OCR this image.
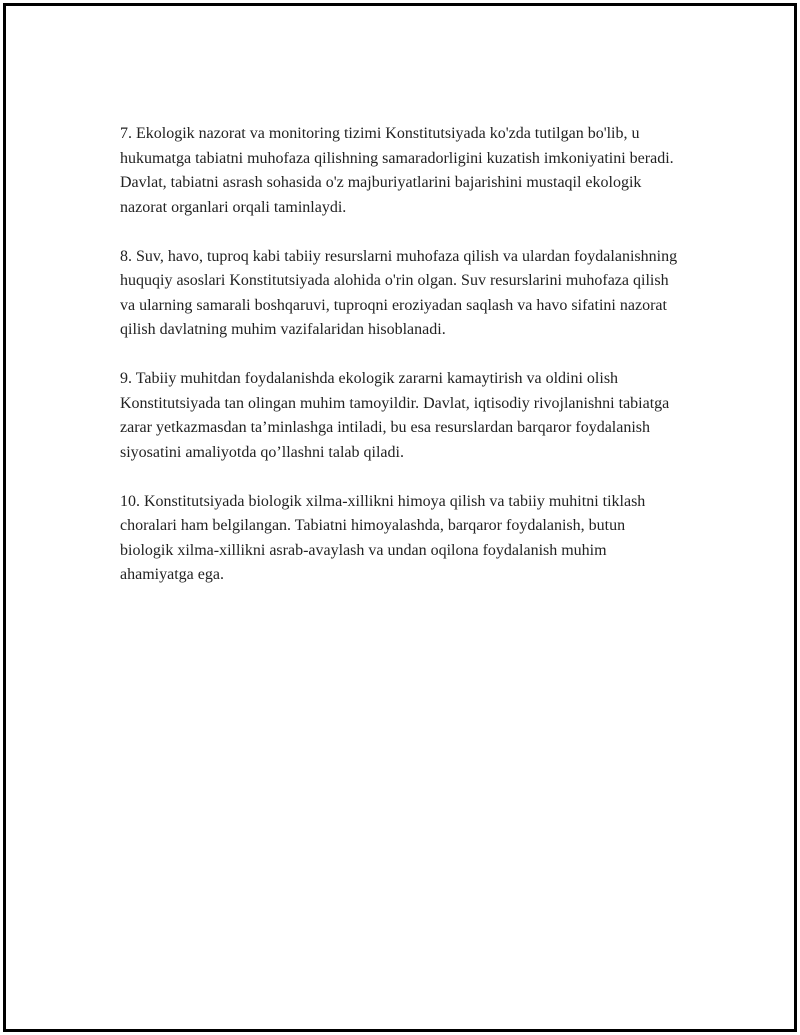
7. Ekologik nazorat va monitoring tizimi Konstitutsiyada ko'zda tutilgan bo'lib, u hukumatga tabiatni muhofaza qilishning samaradorligini kuzatish imkoniyatini beradi. Davlat, tabiatni asrash sohasida o'z majburiyatlarini bajarishini mustaqil ekologik nazorat organlari orqali taminlaydi.

8. Suv, havo, tuproq kabi tabiiy resurslarni muhofaza qilish va ulardan foydalanishning huquqiy asoslari Konstitutsiyada alohida o'rin olgan. Suv resurslarini muhofaza qilish va ularning samarali boshqaruvi, tuproqni eroziyadan saqlash va havo sifatini nazorat qilish davlatning muhim vazifalaridan hisoblanadi.

9. Tabiiy muhitdan foydalanishda ekologik zararni kamaytirish va oldini olish Konstitutsiyada tan olingan muhim tamoyildir. Davlat, iqtisodiy rivojlanishni tabiatga zarar yetkazmasdan ta’minlashga intiladi, bu esa resurslardan barqaror foydalanish siyosatini amaliyotda qo’llashni talab qiladi.

10. Konstitutsiyada biologik xilma-xillikni himoya qilish va tabiiy muhitni tiklash choralari ham belgilangan. Tabiatni himoyalashda, barqaror foydalanish, butun biologik xilma-xillikni asrab-avaylash va undan oqilona foydalanish muhim ahamiyatga ega.
